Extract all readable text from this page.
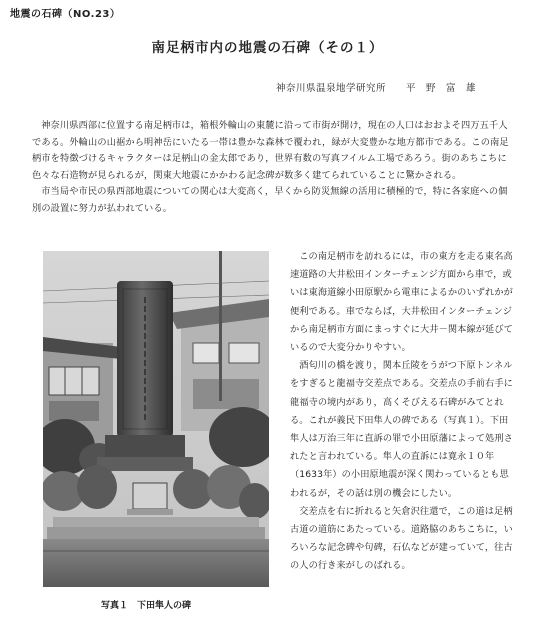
地震の石碑（NO.23）
南足柄市内の地震の石碑（その１）
神奈川県温泉地学研究所　　平　野　富　雄

神奈川県西部に位置する南足柄市は，箱根外輪山の東麓に沿って市街が開け，現在の人口はおおよそ四万五千人である。外輪山の山裾から明神岳にいたる一帯は豊かな森林で覆われ，緑が大変豊かな地方都市である。この南足柄市を特徴づけるキャラクターは足柄山の金太郎であり，世界有数の写真フイルム工場であろう。街のあちこちに色々な石造物が見られるが，関東大地震にかかわる記念碑が数多く建てられていることに驚かされる。

市当局や市民の県西部地震についての関心は大変高く，早くから防災無線の活用に積極的で，特に各家庭への個別の設置に努力が払われている。

写真１　下田隼人の碑

この南足柄市を訪れるには，市の東方を走る東名高速道路の大井松田インターチェンジ方面から車で，或いは東海道線小田原駅から電車によるかのいずれかが便利である。車でならば，大井松田インターチェンジから南足柄市方面にまっすぐに大井－関本線が延びているので大変分かりやすい。

酒匂川の橋を渡り，関本丘陵をうがつ下原トンネルをすぎると龍福寺交差点である。交差点の手前右手に龍福寺の境内があり，高くそびえる石碑がみてとれる。これが義民下田隼人の碑である（写真１）。下田隼人は万治三年に直訴の罪で小田原藩によって処刑されたと言われている。隼人の直訴には寛永１０年（1633年）の小田原地震が深く関わっているとも思われるが，その話は別の機会にしたい。

交差点を右に折れると矢倉沢往還で，この道は足柄古道の道筋にあたっている。道路脇のあちこちに，いろいろな記念碑や句碑，石仏などが建っていて，往古の人の行き来がしのばれる。
